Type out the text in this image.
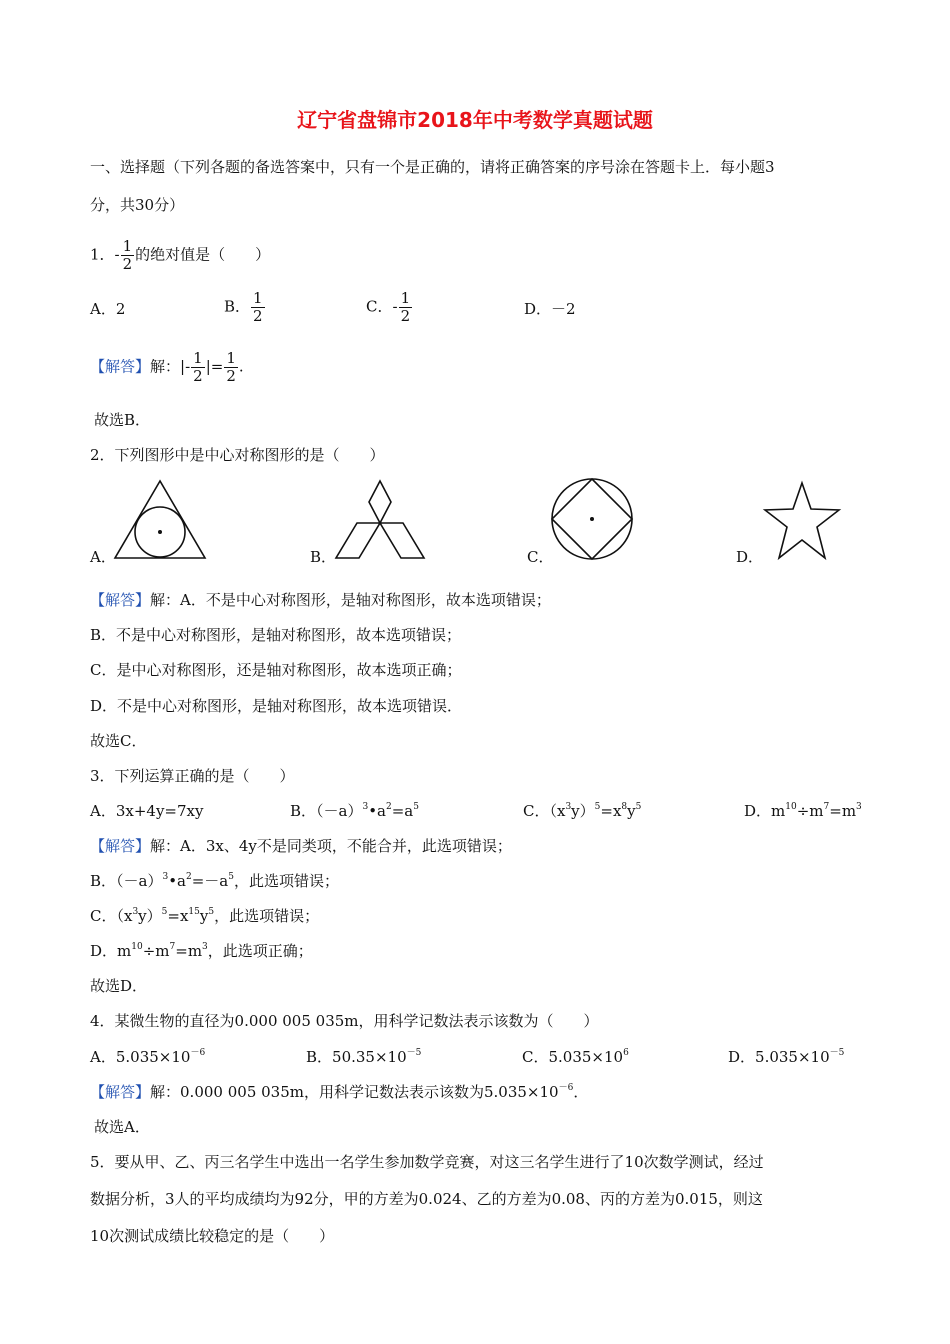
辽宁省盘锦市2018年中考数学真题试题
一、选择题（下列各题的备选答案中，只有一个是正确的，请将正确答案的序号涂在答题卡上．每小题3
分，共30分）
1．- $\frac{1}{2}$ 的绝对值是（　　）
A．2	B． $\frac{1}{2}$	C．- $\frac{1}{2}$	D．－2
【解答】解：|- $\frac{1}{2}$ |= $\frac{1}{2}$ .
故选B．
2．下列图形中是中心对称图形的是（　　）
A．	B．	C．	D．
【解答】解：A．不是中心对称图形，是轴对称图形，故本选项错误；
B．不是中心对称图形，是轴对称图形，故本选项错误；
C．是中心对称图形，还是轴对称图形，故本选项正确；
D．不是中心对称图形，是轴对称图形，故本选项错误．
故选C．
3．下列运算正确的是（　　）
A．3x+4y=7xy	B．$(-a)^3•a^2=a^5$	C．$(x^3y)^5=x^8y^5$	D．$m^{10}\div m^7=m^3$
【解答】解：A．3x、4y不是同类项，不能合并，此选项错误；
B．$(-a)^3•a^2=-a^5$，此选项错误；
C．$(x^3y)^5=x^{15}y^5$，此选项错误；
D．$m^{10}\div m^7=m^3$，此选项正确；
故选D．
4．某微生物的直径为0.000 005 035m，用科学记数法表示该数为（　　）
A．$5.035\times 10^{-6}$	B．$50.35\times 10^{-5}$	C．$5.035\times 10^6$	D．$5.035\times 10^{-5}$
【解答】解：0.000 005 035m，用科学记数法表示该数为$5.035\times 10^{-6}$．
故选A．
5．要从甲、乙、丙三名学生中选出一名学生参加数学竞赛，对这三名学生进行了10次数学测试，经过
数据分析，3人的平均成绩均为92分，甲的方差为0.024、乙的方差为0.08、丙的方差为0.015，则这
10次测试成绩比较稳定的是（　　）
